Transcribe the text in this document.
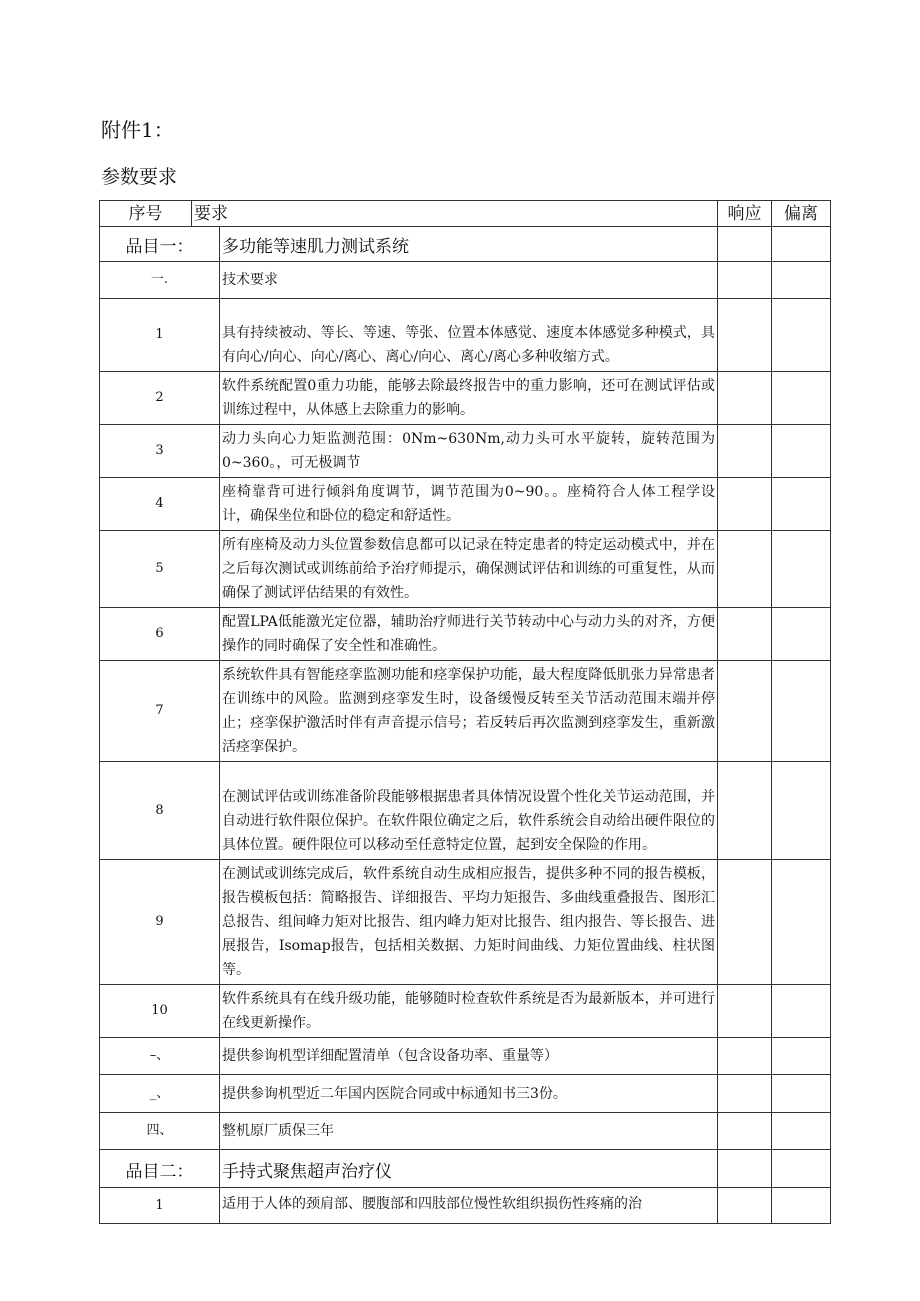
附件1：
参数要求
序号	要求		响应	偏离
品目一：		多功能等速肌力测试系统		
一.		技术要求		
1		具有持续被动、等长、等速、等张、位置本体感觉、速度本体感觉多种模式，具有向心/向心、向心/离心、离心/向心、离心/离心多种收缩方式。		
2		软件系统配置0重力功能，能够去除最终报告中的重力影响，还可在测试评估或训练过程中，从体感上去除重力的影响。		
3		动力头向心力矩监测范围：0Nm~630Nm,动力头可水平旋转，旋转范围为0~360。，可无极调节		
4		座椅靠背可进行倾斜角度调节，调节范围为0~90。。座椅符合人体工程学设计，确保坐位和卧位的稳定和舒适性。		
5		所有座椅及动力头位置参数信息都可以记录在特定患者的特定运动模式中，并在之后每次测试或训练前给予治疗师提示，确保测试评估和训练的可重复性，从而确保了测试评估结果的有效性。		
6		配置LPA低能激光定位器，辅助治疗师进行关节转动中心与动力头的对齐，方便操作的同时确保了安全性和准确性。		
7		系统软件具有智能痉挛监测功能和痉挛保护功能，最大程度降低肌张力异常患者在训练中的风险。监测到痉挛发生时，设备缓慢反转至关节活动范围末端并停止；痉挛保护激活时伴有声音提示信号；若反转后再次监测到痉挛发生，重新激活痉挛保护。		
8		在测试评估或训练准备阶段能够根据患者具体情况设置个性化关节运动范围，并自动进行软件限位保护。在软件限位确定之后，软件系统会自动给出硬件限位的具体位置。硬件限位可以移动至任意特定位置，起到安全保险的作用。		
9		在测试或训练完成后，软件系统自动生成相应报告，提供多种不同的报告模板，报告模板包括：简略报告、详细报告、平均力矩报告、多曲线重叠报告、图形汇总报告、组间峰力矩对比报告、组内峰力矩对比报告、组内报告、等长报告、进展报告，Isomap报告，包括相关数据、力矩时间曲线、力矩位置曲线、柱状图等。		
10		软件系统具有在线升级功能，能够随时检查软件系统是否为最新版本，并可进行在线更新操作。		
–、		提供参询机型详细配置清单（包含设备功率、重量等）		
_、		提供参询机型近二年国内医院合同或中标通知书三3份。		
四、		整机原厂质保三年		
品目二：		手持式聚焦超声治疗仪		
1		适用于人体的颈肩部、腰腹部和四肢部位慢性软组织损伤性疼痛的治		
